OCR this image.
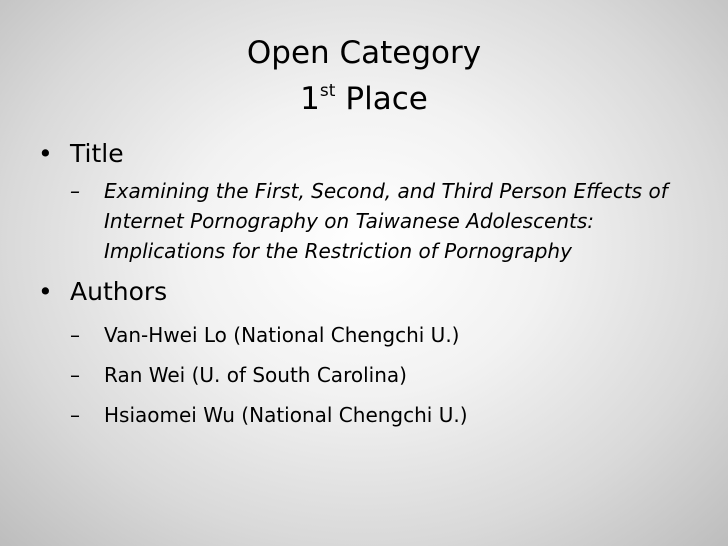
Open Category
1st Place
• Title
– Examining the First, Second, and Third Person Effects of Internet Pornography on Taiwanese Adolescents: Implications for the Restriction of Pornography
• Authors
– Van-Hwei Lo (National Chengchi U.)
– Ran Wei (U. of South Carolina)
– Hsiaomei Wu (National Chengchi U.)
